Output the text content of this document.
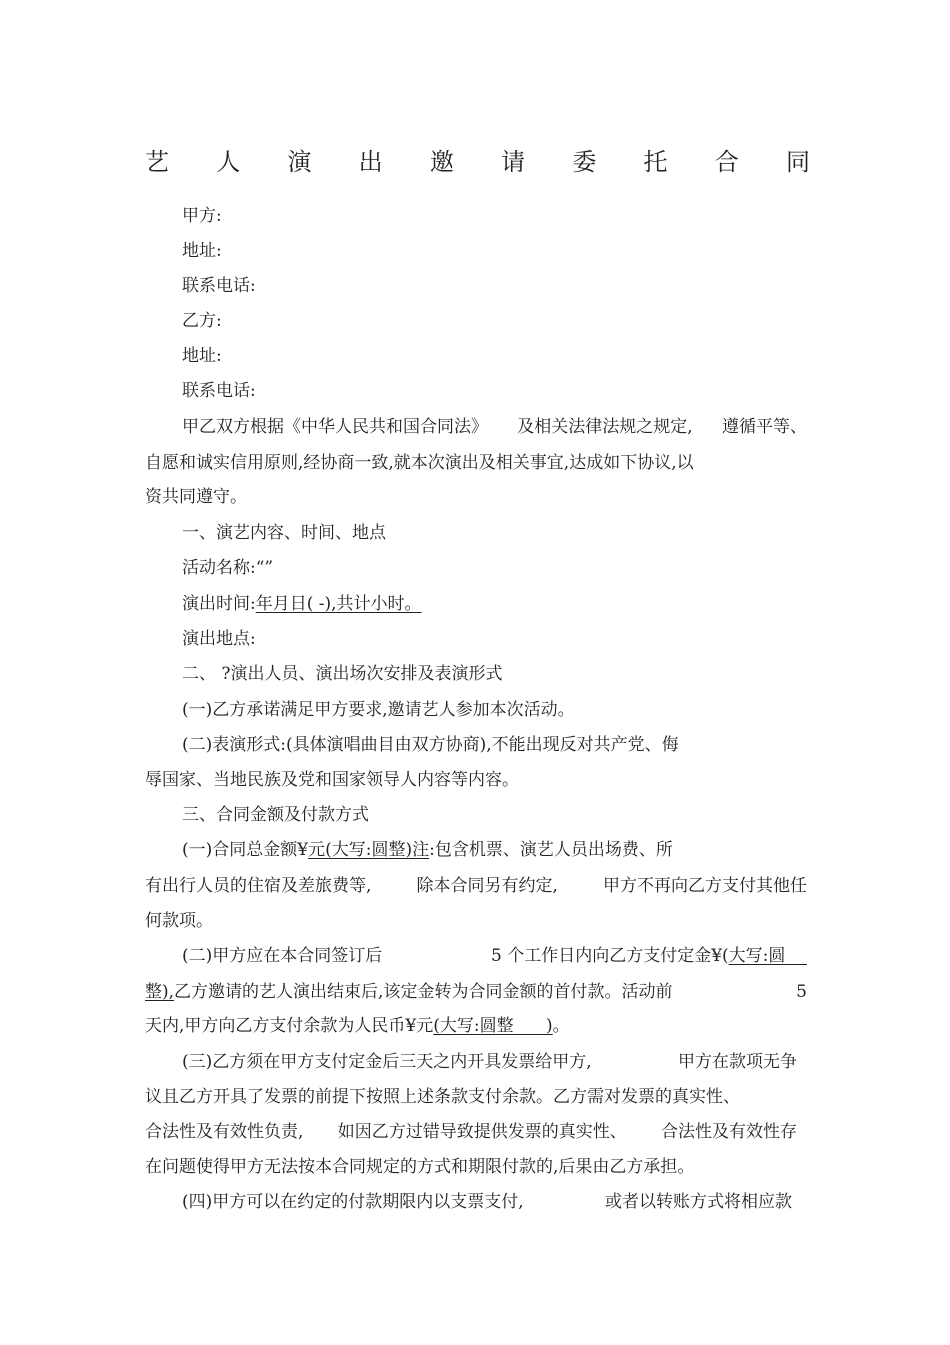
艺 人 演 出 邀 请 委 托 合 同
甲方:
地址:
联系电话:
乙方:
地址:
联系电话:
甲乙双方根据《中华人民共和国合同法》 及相关法律法规之规定, 遵循平等、
自愿和诚实信用原则,经协商一致,就本次演出及相关事宜,达成如下协议,以
资共同遵守。
一、演艺内容、时间、地点
活动名称:“”
演出时间:年月日( -),共计小时。
演出地点:
二、 ?演出人员、演出场次安排及表演形式
(一)乙方承诺满足甲方要求,邀请艺人参加本次活动。
(二)表演形式:(具体演唱曲目由双方协商),不能出现反对共产党、侮
辱国家、当地民族及党和国家领导人内容等内容。
三、合同金额及付款方式
(一)合同总金额¥元(大写:圆整)注:包含机票、演艺人员出场费、所
有出行人员的住宿及差旅费等,	除本合同另有约定,	甲方不再向乙方支付其他任
何款项。
(二)甲方应在本合同签订后	5 个工作日内向乙方支付定金¥(大写:圆
整),乙方邀请的艺人演出结束后,该定金转为合同金额的首付款。活动前	5
天内,甲方向乙方支付余款为人民币¥元(大写:圆整      )。
(三)乙方须在甲方支付定金后三天之内开具发票给甲方,	甲方在款项无争
议且乙方开具了发票的前提下按照上述条款支付余款。乙方需对发票的真实性、
合法性及有效性负责, 如因乙方过错导致提供发票的真实性、 合法性及有效性存
在问题使得甲方无法按本合同规定的方式和期限付款的,后果由乙方承担。
(四)甲方可以在约定的付款期限内以支票支付,	或者以转账方式将相应款
